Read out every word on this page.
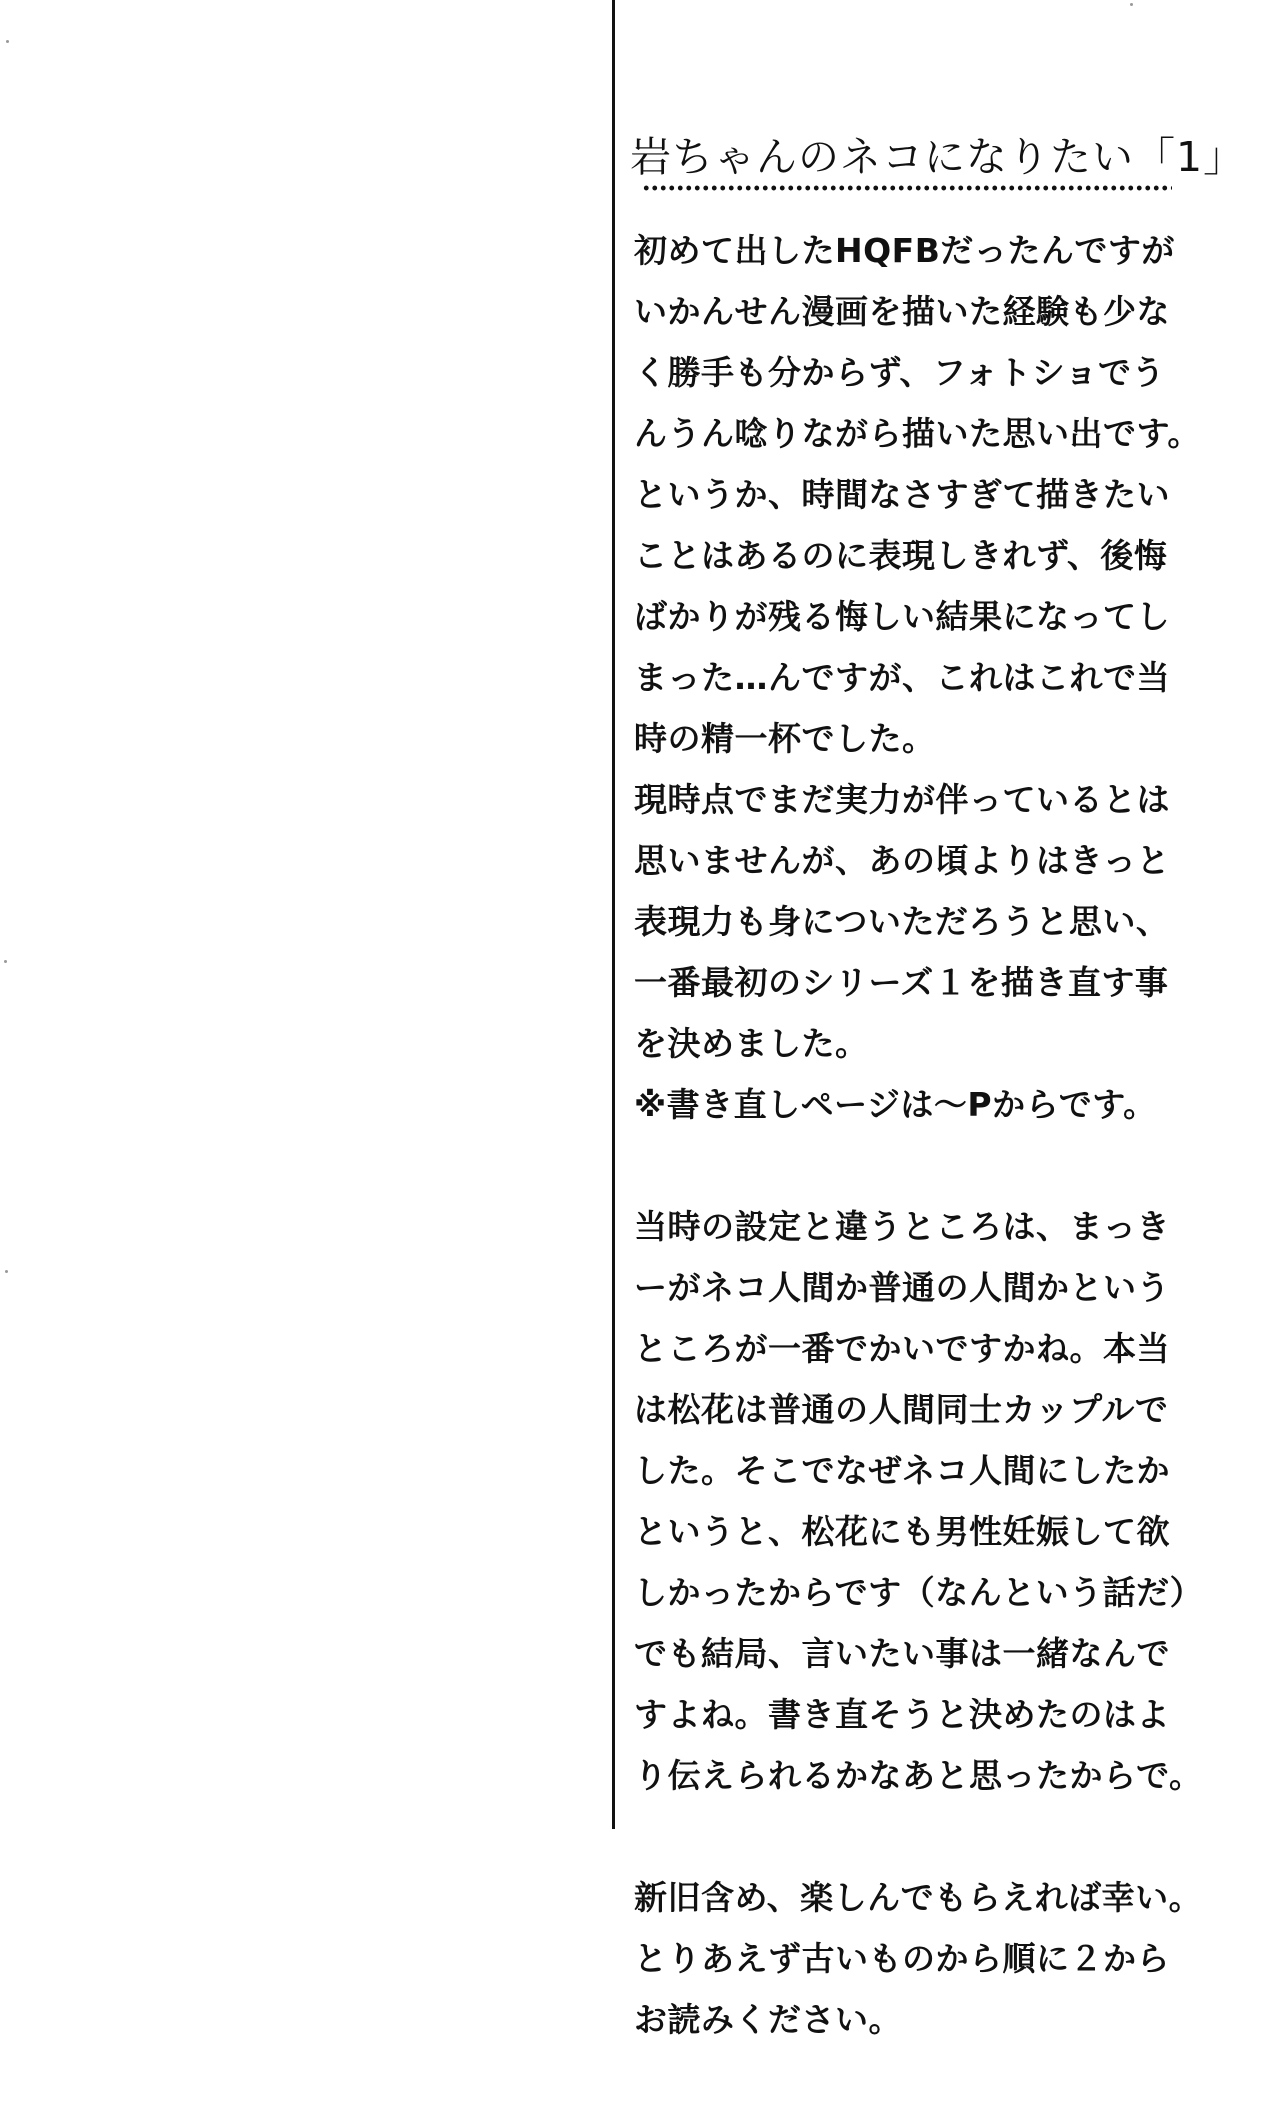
岩ちゃんのネコになりたい「1」
初めて出したHQFBだったんですが
いかんせん漫画を描いた経験も少な
く勝手も分からず、フォトショでう
んうん唸りながら描いた思い出です。
というか、時間なさすぎて描きたい
ことはあるのに表現しきれず、後悔
ばかりが残る悔しい結果になってし
まった…んですが、これはこれで当
時の精一杯でした。
現時点でまだ実力が伴っているとは
思いませんが、あの頃よりはきっと
表現力も身についただろうと思い、
一番最初のシリーズ１を描き直す事
を決めました。
※書き直しページは〜Pからです。
当時の設定と違うところは、まっき
ーがネコ人間か普通の人間かという
ところが一番でかいですかね。本当
は松花は普通の人間同士カップルで
した。そこでなぜネコ人間にしたか
というと、松花にも男性妊娠して欲
しかったからです（なんという話だ）
でも結局、言いたい事は一緒なんで
すよね。書き直そうと決めたのはよ
り伝えられるかなあと思ったからで。
新旧含め、楽しんでもらえれば幸い。
とりあえず古いものから順に２から
お読みください。
